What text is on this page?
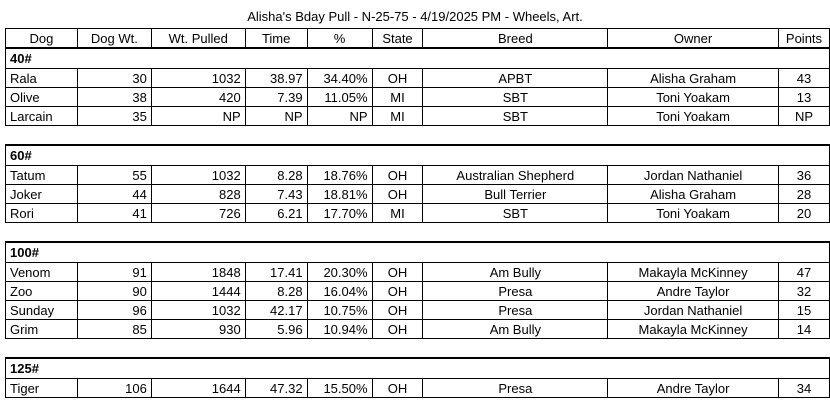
Alisha's Bday Pull - N-25-75 - 4/19/2025 PM - Wheels, Art.
Dog	Dog Wt.	Wt. Pulled	Time	%	State	Breed	Owner	Points
40#								
Rala	30	1032	38.97	34.40%	OH	APBT	Alisha Graham	43
Olive	38	420	7.39	11.05%	MI	SBT	Toni Yoakam	13
Larcain	35	NP	NP	NP	MI	SBT	Toni Yoakam	NP

60#								
Tatum	55	1032	8.28	18.76%	OH	Australian Shepherd	Jordan Nathaniel	36
Joker	44	828	7.43	18.81%	OH	Bull Terrier	Alisha Graham	28
Rori	41	726	6.21	17.70%	MI	SBT	Toni Yoakam	20

100#								
Venom	91	1848	17.41	20.30%	OH	Am Bully	Makayla McKinney	47
Zoo	90	1444	8.28	16.04%	OH	Presa	Andre Taylor	32
Sunday	96	1032	42.17	10.75%	OH	Presa	Jordan Nathaniel	15
Grim	85	930	5.96	10.94%	OH	Am Bully	Makayla McKinney	14

125#								
Tiger	106	1644	47.32	15.50%	OH	Presa	Andre Taylor	34
